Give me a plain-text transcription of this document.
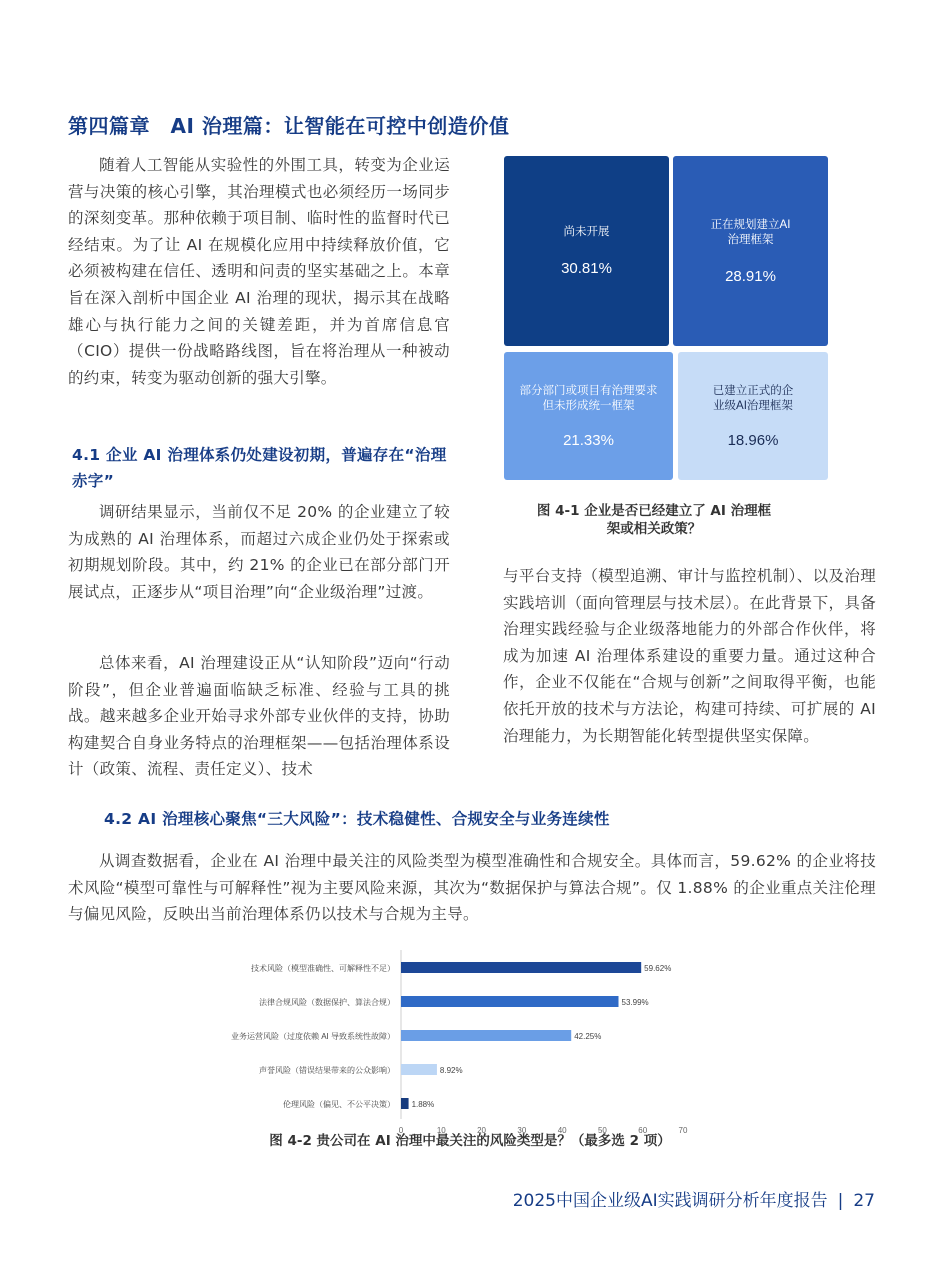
第四篇章　AI 治理篇：让智能在可控中创造价值

随着人工智能从实验性的外围工具，转变为企业运营与决策的核心引擎，其治理模式也必须经历一场同步的深刻变革。那种依赖于项目制、临时性的监督时代已经结束。为了让 AI 在规模化应用中持续释放价值，它必须被构建在信任、透明和问责的坚实基础之上。本章旨在深入剖析中国企业 AI 治理的现状，揭示其在战略雄心与执行能力之间的关键差距，并为首席信息官（CIO）提供一份战略路线图，旨在将治理从一种被动的约束，转变为驱动创新的强大引擎。

4.1 企业 AI 治理体系仍处建设初期，普遍存在“治理赤字”

调研结果显示，当前仅不足 20% 的企业建立了较为成熟的 AI 治理体系，而超过六成企业仍处于探索或初期规划阶段。其中，约 21% 的企业已在部分部门开展试点，正逐步从“项目治理”向“企业级治理”过渡。

总体来看，AI 治理建设正从“认知阶段”迈向“行动阶段”，但企业普遍面临缺乏标准、经验与工具的挑战。越来越多企业开始寻求外部专业伙伴的支持，协助构建契合自身业务特点的治理框架——包括治理体系设计（政策、流程、责任定义）、技术

尚未开展
30.81%
正在规划建立AI
治理框架
28.91%
部分部门或项目有治理要求
但未形成统一框架
21.33%
已建立正式的企
业级AI治理框架
18.96%
图 4-1 企业是否已经建立了 AI 治理框
架或相关政策？

与平台支持（模型追溯、审计与监控机制）、以及治理实践培训（面向管理层与技术层）。在此背景下，具备治理实践经验与企业级落地能力的外部合作伙伴，将成为加速 AI 治理体系建设的重要力量。通过这种合作，企业不仅能在“合规与创新”之间取得平衡，也能依托开放的技术与方法论，构建可持续、可扩展的 AI 治理能力，为长期智能化转型提供坚实保障。

4.2 AI 治理核心聚焦“三大风险”：技术稳健性、合规安全与业务连续性

从调查数据看，企业在 AI 治理中最关注的风险类型为模型准确性和合规安全。具体而言，59.62% 的企业将技术风险“模型可靠性与可解释性”视为主要风险来源，其次为“数据保护与算法合规”。仅 1.88% 的企业重点关注伦理与偏见风险，反映出当前治理体系仍以技术与合规为主导。

技术风险（模型准确性、可解释性不足）	59.62%
法律合规风险（数据保护、算法合规）	53.99%
业务运营风险（过度依赖 AI 导致系统性故障）	42.25%
声誉风险（错误结果带来的公众影响）	8.92%
伦理风险（偏见、不公平决策） 1.88%
0	10	20	30	40	50	60	70
图 4-2 贵公司在 AI 治理中最关注的风险类型是？（最多选 2 项）
2025中国企业级AI实践调研分析年度报告 | 27
